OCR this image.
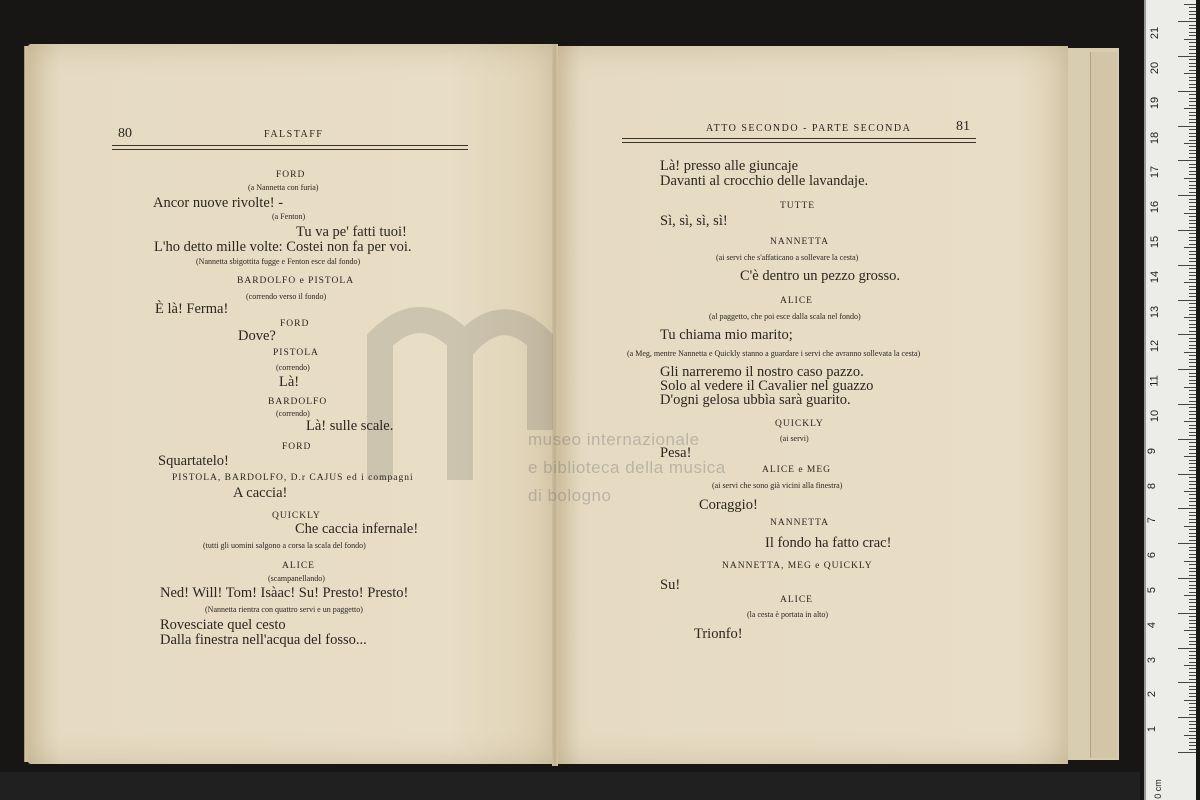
museo internazionale
e biblioteca della musica
di bologno
80	FALSTAFF
ATTO SECONDO - PARTE SECONDA	81
FORD
(a Nannetta con furia)
Ancor nuove rivolte! -
(a Fenton)
Tu va pe' fatti tuoi!
L'ho detto mille volte: Costei non fa per voi.
(Nannetta sbigottita fugge e Fenton esce dal fondo)
BARDOLFO e PISTOLA
(correndo verso il fondo)
È là! Ferma!
FORD
Dove?
PISTOLA
(correndo)
Là!
BARDOLFO
(correndo)
Là! sulle scale.
FORD
Squartatelo!
PISTOLA, BARDOLFO, D.r CAJUS ed i compagni
A caccia!
QUICKLY
Che caccia infernale!
(tutti gli uomini salgono a corsa la scala del fondo)
ALICE
(scampanellando)
Ned! Will! Tom! Isàac! Su! Presto! Presto!
(Nannetta rientra con quattro servi e un paggetto)
Rovesciate quel cesto
Dalla finestra nell'acqua del fosso...
Là! presso alle giuncaje
Davanti al crocchio delle lavandaje.
TUTTE
Sì, sì, sì, sì!
NANNETTA
(ai servi che s'affaticano a sollevare la cesta)
C'è dentro un pezzo grosso.
ALICE
(al paggetto, che poi esce dalla scala nel fondo)
Tu chiama mio marito;
(a Meg, mentre Nannetta e Quickly stanno a guardare i servi che avranno sollevata la cesta)
Gli narreremo il nostro caso pazzo.
Solo al vedere il Cavalier nel guazzo
D'ogni gelosa ubbìa sarà guarito.
QUICKLY
(ai servi)
Pesa!
ALICE e MEG
(ai servi che sono già vicini alla finestra)
Coraggio!
NANNETTA
Il fondo ha fatto crac!
NANNETTA, MEG e QUICKLY
Su!
ALICE
(la cesta è portata in alto)
Trionfo!
0 cm
1
2
3
4
5
6
7
8
9
10
11
12
13
14
15
16
17
18
19
20
21
